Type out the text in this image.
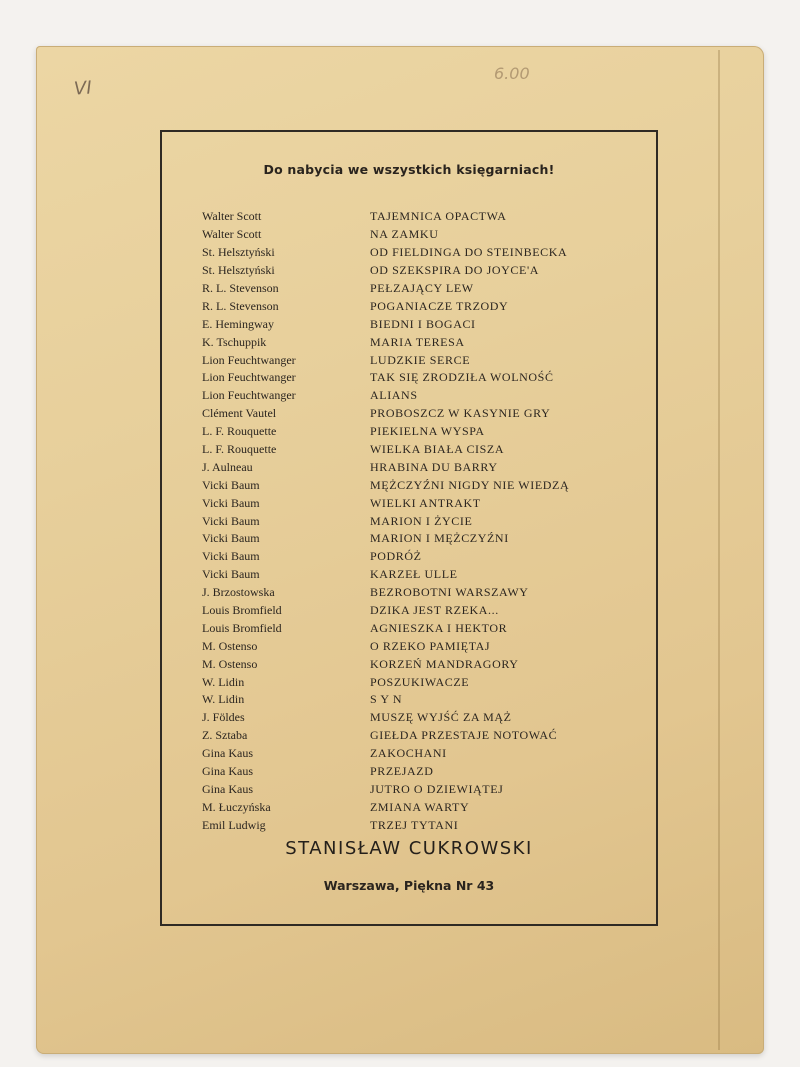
VI
6.00
Do nabycia we wszystkich księgarniach!
Walter Scott	TAJEMNICA OPACTWA
Walter Scott	NA ZAMKU
St. Helsztyński	OD FIELDINGA DO STEINBECKA
St. Helsztyński	OD SZEKSPIRA DO JOYCE'A
R. L. Stevenson	PEŁZAJĄCY LEW
R. L. Stevenson	POGANIACZE TRZODY
E. Hemingway	BIEDNI I BOGACI
K. Tschuppik	MARIA TERESA
Lion Feuchtwanger	LUDZKIE SERCE
Lion Feuchtwanger	TAK SIĘ ZRODZIŁA WOLNOŚĆ
Lion Feuchtwanger	ALIANS
Clément Vautel	PROBOSZCZ W KASYNIE GRY
L. F. Rouquette	PIEKIELNA WYSPA
L. F. Rouquette	WIELKA BIAŁA CISZA
J. Aulneau	HRABINA DU BARRY
Vicki Baum	MĘŻCZYŹNI NIGDY NIE WIEDZĄ
Vicki Baum	WIELKI ANTRAKT
Vicki Baum	MARION I ŻYCIE
Vicki Baum	MARION I MĘŻCZYŹNI
Vicki Baum	PODRÓŻ
Vicki Baum	KARZEŁ ULLE
J. Brzostowska	BEZROBOTNI WARSZAWY
Louis Bromfield	DZIKA JEST RZEKA...
Louis Bromfield	AGNIESZKA I HEKTOR
M. Ostenso	O RZEKO PAMIĘTAJ
M. Ostenso	KORZEŃ MANDRAGORY
W. Lidin	POSZUKIWACZE
W. Lidin	S Y N
J. Földes	MUSZĘ WYJŚĆ ZA MĄŻ
Z. Sztaba	GIEŁDA PRZESTAJE NOTOWAĆ
Gina Kaus	ZAKOCHANI
Gina Kaus	PRZEJAZD
Gina Kaus	JUTRO O DZIEWIĄTEJ
M. Łuczyńska	ZMIANA WARTY
Emil Ludwig	TRZEJ TYTANI
STANISŁAW CUKROWSKI
Warszawa, Piękna Nr 43
